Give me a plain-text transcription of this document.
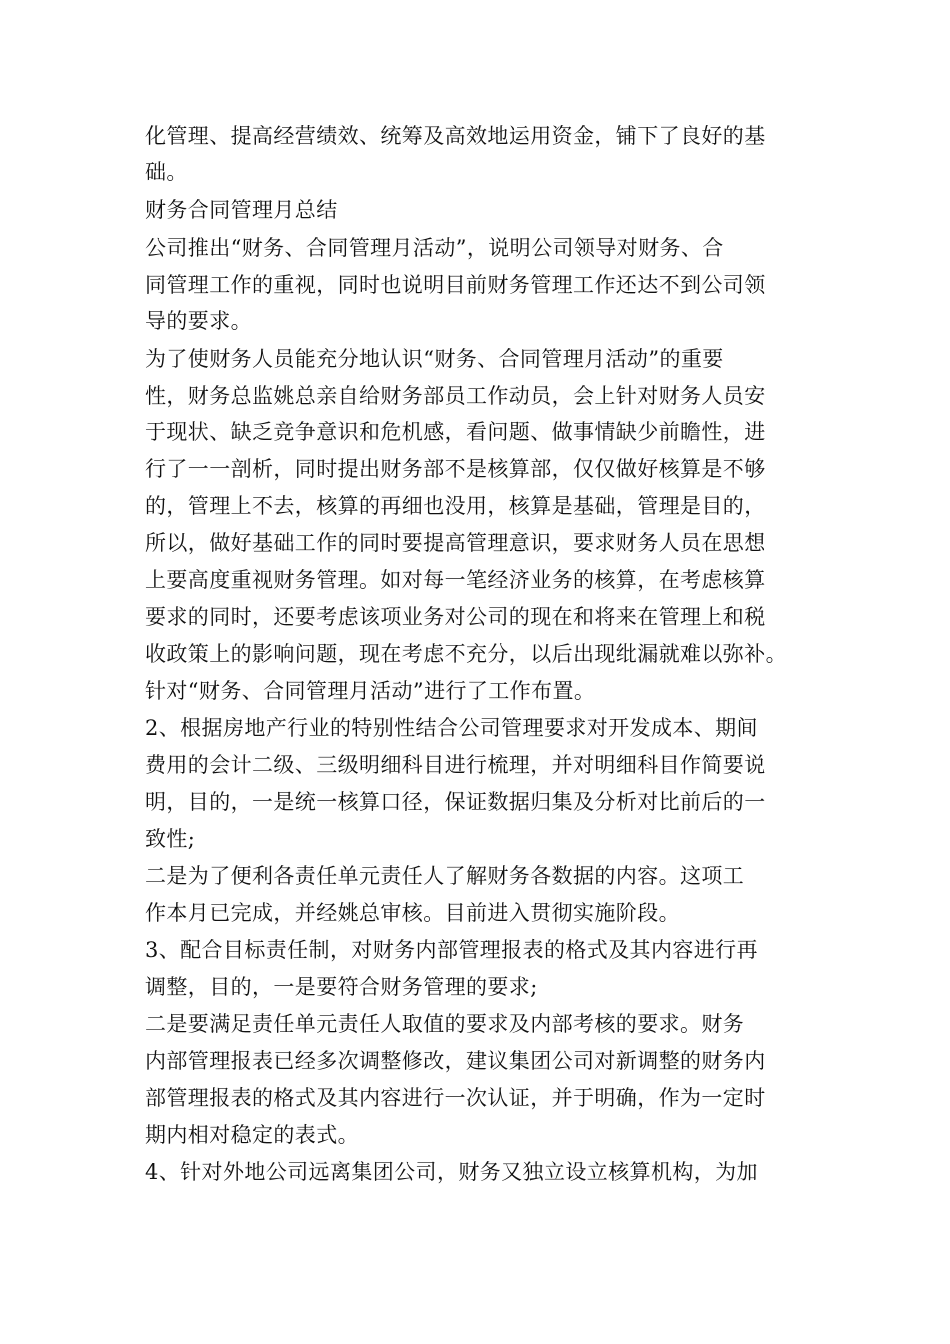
化管理、提高经营绩效、统筹及高效地运用资金，铺下了良好的基
础。
财务合同管理月总结
公司推出“财务、合同管理月活动”，说明公司领导对财务、合
同管理工作的重视，同时也说明目前财务管理工作还达不到公司领
导的要求。
为了使财务人员能充分地认识“财务、合同管理月活动”的重要
性，财务总监姚总亲自给财务部员工作动员，会上针对财务人员安
于现状、缺乏竞争意识和危机感，看问题、做事情缺少前瞻性，进
行了一一剖析，同时提出财务部不是核算部，仅仅做好核算是不够
的，管理上不去，核算的再细也没用，核算是基础，管理是目的，
所以，做好基础工作的同时要提高管理意识，要求财务人员在思想
上要高度重视财务管理。如对每一笔经济业务的核算，在考虑核算
要求的同时，还要考虑该项业务对公司的现在和将来在管理上和税
收政策上的影响问题，现在考虑不充分，以后出现纰漏就难以弥补。
针对“财务、合同管理月活动”进行了工作布置。
2、根据房地产行业的特别性结合公司管理要求对开发成本、期间
费用的会计二级、三级明细科目进行梳理，并对明细科目作简要说
明，目的，一是统一核算口径，保证数据归集及分析对比前后的一
致性;
二是为了便利各责任单元责任人了解财务各数据的内容。这项工
作本月已完成，并经姚总审核。目前进入贯彻实施阶段。
3、配合目标责任制，对财务内部管理报表的格式及其内容进行再
调整，目的，一是要符合财务管理的要求;
二是要满足责任单元责任人取值的要求及内部考核的要求。财务
内部管理报表已经多次调整修改，建议集团公司对新调整的财务内
部管理报表的格式及其内容进行一次认证，并于明确，作为一定时
期内相对稳定的表式。
4、针对外地公司远离集团公司，财务又独立设立核算机构，为加
